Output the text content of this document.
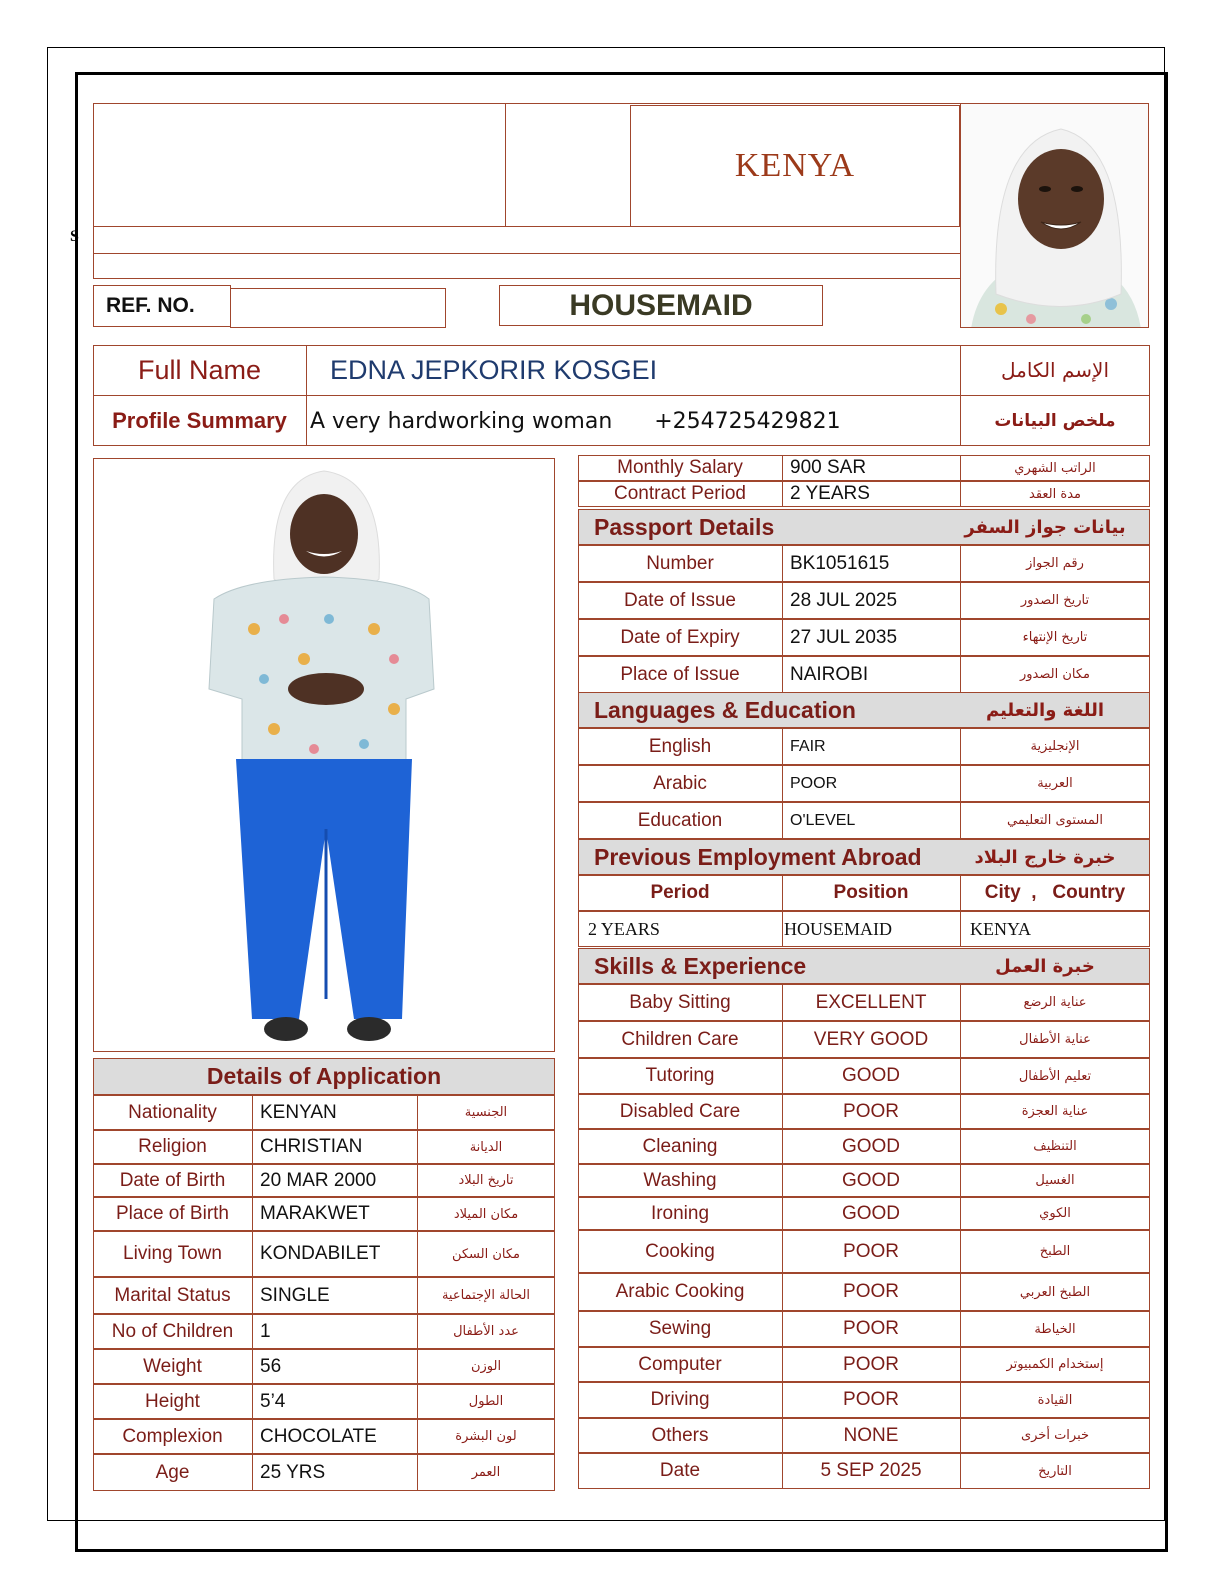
S
KENYA
REF. NO.	HOUSEMAID
Full Name	EDNA JEPKORIR KOSGEI	الإسم الكامل
Profile Summary	A very hardworking woman      +254725429821	ملخص البيانات
Monthly Salary	900 SAR	الراتب الشهري
Contract Period	2 YEARS	مدة العقد
Passport Details	بيانات جواز السفر
Number	BK1051615	رقم الجواز
Date of Issue	28 JUL 2025	تاريخ الصدور
Date of Expiry	27 JUL 2035	تاريخ الإنتهاء
Place of Issue	NAIROBI	مكان الصدور
Languages & Education	اللغة والتعليم
English	FAIR	الإنجليزية
Arabic	POOR	العربية
Education	O'LEVEL	المستوى التعليمي
Previous Employment Abroad	خبرة خارج البلاد
Period	Position	City  ,   Country
2 YEARS	HOUSEMAID	KENYA
Skills & Experience	خبرة العمل
Baby Sitting	EXCELLENT	عناية الرضع
Children Care	VERY GOOD	عناية الأطفال
Tutoring	GOOD	تعليم الأطفال
Disabled Care	POOR	عناية العجزة
Cleaning	GOOD	التنظيف
Washing	GOOD	الغسيل
Ironing	GOOD	الكوي
Cooking	POOR	الطبخ
Arabic Cooking	POOR	الطبخ العربي
Sewing	POOR	الخياطة
Computer	POOR	إستخدام الكمبيوتر
Driving	POOR	القيادة
Others	NONE	خبرات أخرى
Date	5 SEP 2025	التاريخ
Details of Application
Nationality	KENYAN	الجنسية
Religion	CHRISTIAN	الديانة
Date of Birth	20 MAR 2000	تاريخ البلاد
Place of Birth	MARAKWET	مكان الميلاد
Living Town	KONDABILET	مكان السكن
Marital Status	SINGLE	الحالة الإجتماعية
No of Children	1	عدد الأطفال
Weight	56	الوزن
Height	5’4	الطول
Complexion	CHOCOLATE	لون البشرة
Age	25 YRS	العمر
